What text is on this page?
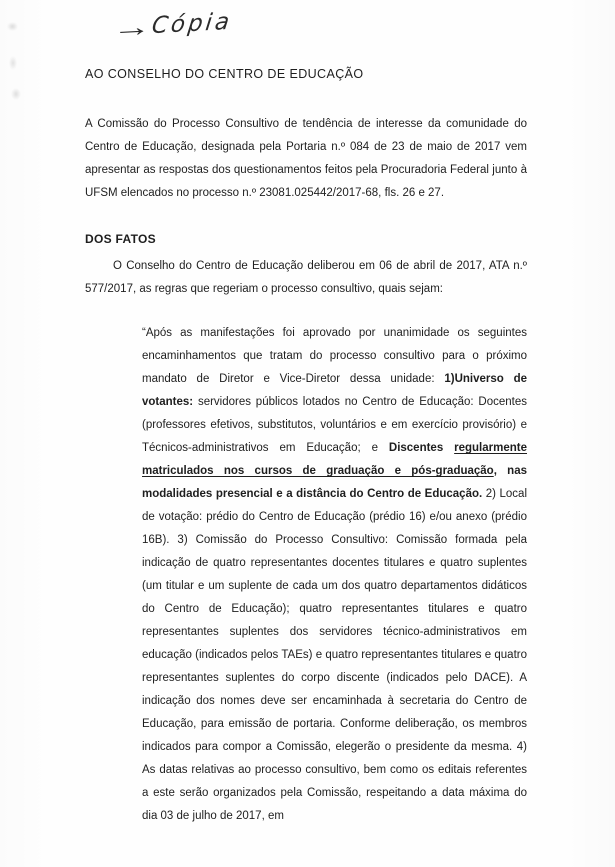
→Cópia
AO CONSELHO DO CENTRO DE EDUCAÇÃO

A Comissão do Processo Consultivo de tendência de interesse da comunidade do Centro de Educação, designada pela Portaria n.º 084 de 23 de maio de 2017 vem apresentar as respostas dos questionamentos feitos pela Procuradoria Federal junto à UFSM elencados no processo n.º 23081.025442/2017-68, fls. 26 e 27.

DOS FATOS

O Conselho do Centro de Educação deliberou em 06 de abril de 2017, ATA n.º 577/2017, as regras que regeriam o processo consultivo, quais sejam:

“Após as manifestações foi aprovado por unanimidade os seguintes encaminhamentos que tratam do processo consultivo para o próximo mandato de Diretor e Vice-Diretor dessa unidade: 1)Universo de votantes: servidores públicos lotados no Centro de Educação: Docentes (professores efetivos, substitutos, voluntários e em exercício provisório) e Técnicos-administrativos em Educação; e Discentes regularmente matriculados nos cursos de graduação e pós-graduação, nas modalidades presencial e a distância do Centro de Educação. 2) Local de votação: prédio do Centro de Educação (prédio 16) e/ou anexo (prédio 16B). 3) Comissão do Processo Consultivo: Comissão formada pela indicação de quatro representantes docentes titulares e quatro suplentes (um titular e um suplente de cada um dos quatro departamentos didáticos do Centro de Educação); quatro representantes titulares e quatro representantes suplentes dos servidores técnico-administrativos em educação (indicados pelos TAEs) e quatro representantes titulares e quatro representantes suplentes do corpo discente (indicados pelo DACE). A indicação dos nomes deve ser encaminhada à secretaria do Centro de Educação, para emissão de portaria. Conforme deliberação, os membros indicados para compor a Comissão, elegerão o presidente da mesma. 4) As datas relativas ao processo consultivo, bem como os editais referentes a este serão organizados pela Comissão, respeitando a data máxima do dia 03 de julho de 2017, em
